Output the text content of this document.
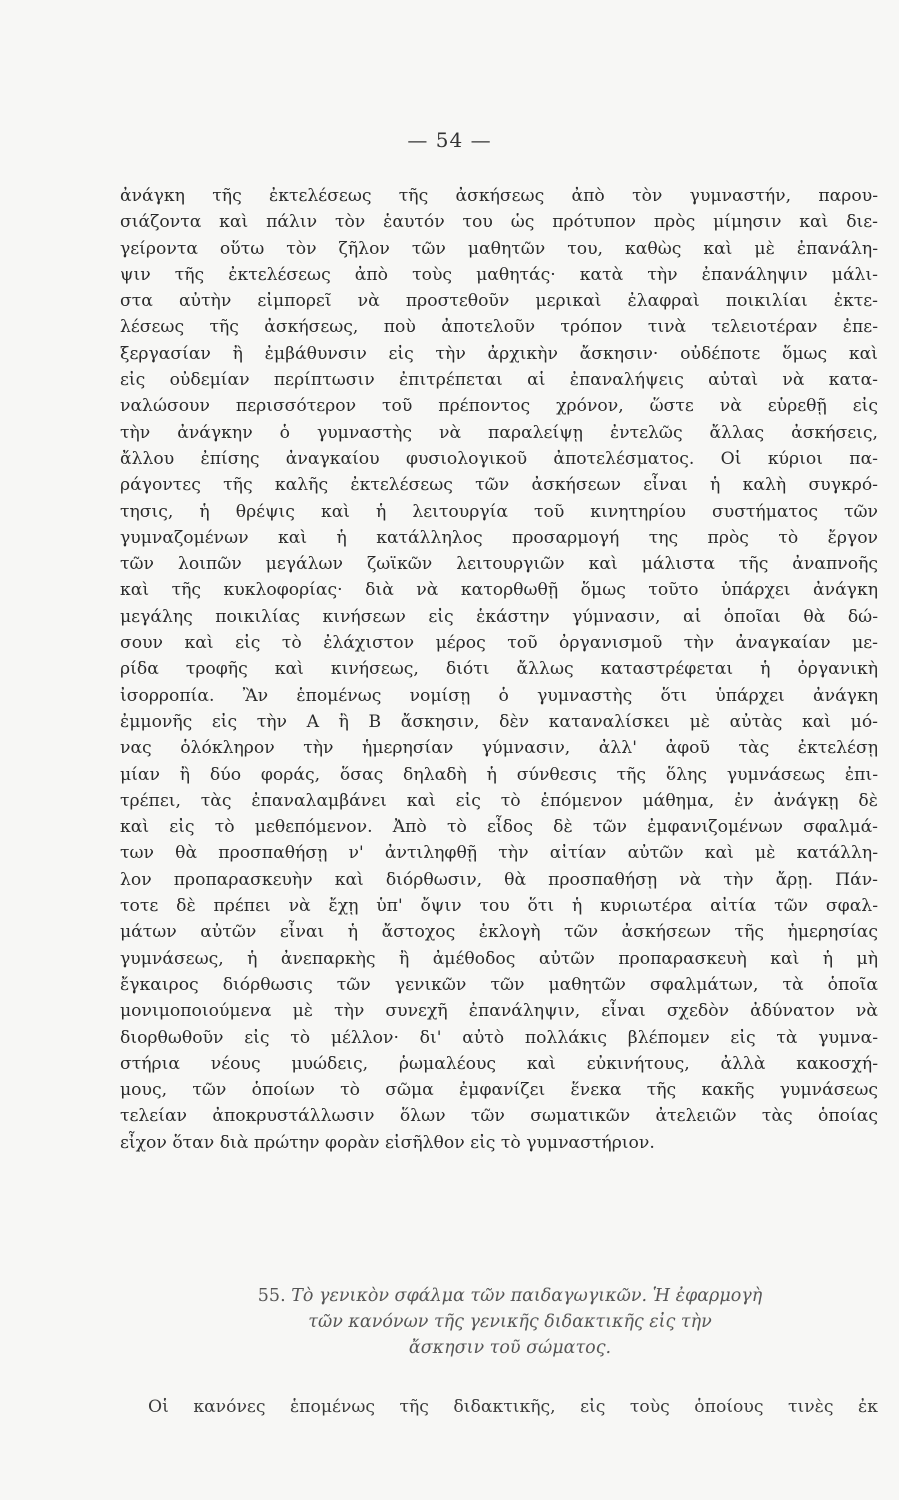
— 54 —
ἀνάγκη τῆς ἐκτελέσεως τῆς ἀσκήσεως ἀπὸ τὸν γυμναστήν, παρου-
σιάζοντα καὶ πάλιν τὸν ἑαυτόν του ὡς πρότυπον πρὸς μίμησιν καὶ διε-
γείροντα οὕτω τὸν ζῆλον τῶν μαθητῶν του, καθὼς καὶ μὲ ἐπανάλη-
ψιν τῆς ἐκτελέσεως ἀπὸ τοὺς μαθητάς· κατὰ τὴν ἐπανάληψιν μάλι-
στα αὐτὴν εἰμπορεῖ νὰ προστεθοῦν μερικαὶ ἐλαφραὶ ποικιλίαι ἐκτε-
λέσεως τῆς ἀσκήσεως, ποὺ ἀποτελοῦν τρόπον τινὰ τελειοτέραν ἐπε-
ξεργασίαν ἢ ἐμβάθυνσιν εἰς τὴν ἀρχικὴν ἄσκησιν· οὐδέποτε ὅμως καὶ
εἰς οὐδεμίαν περίπτωσιν ἐπιτρέπεται αἱ ἐπαναλήψεις αὐταὶ νὰ κατα-
ναλώσουν περισσότερον τοῦ πρέποντος χρόνον, ὥστε νὰ εὑρεθῇ εἰς
τὴν ἀνάγκην ὁ γυμναστὴς νὰ παραλείψῃ ἐντελῶς ἄλλας ἀσκήσεις,
ἄλλου ἐπίσης ἀναγκαίου φυσιολογικοῦ ἀποτελέσματος. Οἱ κύριοι πα-
ράγοντες τῆς καλῆς ἐκτελέσεως τῶν ἀσκήσεων εἶναι ἡ καλὴ συγκρό-
τησις, ἡ θρέψις καὶ ἡ λειτουργία τοῦ κινητηρίου συστήματος τῶν
γυμναζομένων καὶ ἡ κατάλληλος προσαρμογή της πρὸς τὸ ἔργον
τῶν λοιπῶν μεγάλων ζωϊκῶν λειτουργιῶν καὶ μάλιστα τῆς ἀναπνοῆς
καὶ τῆς κυκλοφορίας· διὰ νὰ κατορθωθῇ ὅμως τοῦτο ὑπάρχει ἀνάγκη
μεγάλης ποικιλίας κινήσεων εἰς ἑκάστην γύμνασιν, αἱ ὁποῖαι θὰ δώ-
σουν καὶ εἰς τὸ ἐλάχιστον μέρος τοῦ ὀργανισμοῦ τὴν ἀναγκαίαν με-
ρίδα τροφῆς καὶ κινήσεως, διότι ἄλλως καταστρέφεται ἡ ὀργανικὴ
ἰσορροπία. Ἂν ἑπομένως νομίσῃ ὁ γυμναστὴς ὅτι ὑπάρχει ἀνάγκη
ἐμμονῆς εἰς τὴν Α ἢ Β ἄσκησιν, δὲν καταναλίσκει μὲ αὐτὰς καὶ μό-
νας ὁλόκληρον τὴν ἡμερησίαν γύμνασιν, ἀλλ' ἀφοῦ τὰς ἐκτελέσῃ
μίαν ἢ δύο φοράς, ὅσας δηλαδὴ ἡ σύνθεσις τῆς ὅλης γυμνάσεως ἐπι-
τρέπει, τὰς ἐπαναλαμβάνει καὶ εἰς τὸ ἑπόμενον μάθημα, ἐν ἀνάγκῃ δὲ
καὶ εἰς τὸ μεθεπόμενον. Ἀπὸ τὸ εἶδος δὲ τῶν ἐμφανιζομένων σφαλμά-
των θὰ προσπαθήσῃ ν' ἀντιληφθῇ τὴν αἰτίαν αὐτῶν καὶ μὲ κατάλλη-
λον προπαρασκευὴν καὶ διόρθωσιν, θὰ προσπαθήσῃ νὰ τὴν ἄρῃ. Πάν-
τοτε δὲ πρέπει νὰ ἔχῃ ὑπ' ὄψιν του ὅτι ἡ κυριωτέρα αἰτία τῶν σφαλ-
μάτων αὐτῶν εἶναι ἡ ἄστοχος ἐκλογὴ τῶν ἀσκήσεων τῆς ἡμερησίας
γυμνάσεως, ἡ ἀνεπαρκὴς ἢ ἀμέθοδος αὐτῶν προπαρασκευὴ καὶ ἡ μὴ
ἔγκαιρος διόρθωσις τῶν γενικῶν τῶν μαθητῶν σφαλμάτων, τὰ ὁποῖα
μονιμοποιούμενα μὲ τὴν συνεχῆ ἐπανάληψιν, εἶναι σχεδὸν ἀδύνατον νὰ
διορθωθοῦν εἰς τὸ μέλλον· δι' αὐτὸ πολλάκις βλέπομεν εἰς τὰ γυμνα-
στήρια νέους μυώδεις, ῥωμαλέους καὶ εὐκινήτους, ἀλλὰ κακοσχή-
μους, τῶν ὁποίων τὸ σῶμα ἐμφανίζει ἕνεκα τῆς κακῆς γυμνάσεως
τελείαν ἀποκρυστάλλωσιν ὅλων τῶν σωματικῶν ἀτελειῶν τὰς ὁποίας
εἶχον ὅταν διὰ πρώτην φορὰν εἰσῆλθον εἰς τὸ γυμναστήριον.
55. Τὸ γενικὸν σφάλμα τῶν παιδαγωγικῶν. Ἡ ἐφαρμογὴ
τῶν κανόνων τῆς γενικῆς διδακτικῆς εἰς τὴν
ἄσκησιν τοῦ σώματος.
Οἱ κανόνες ἑπομένως τῆς διδακτικῆς, εἰς τοὺς ὁποίους τινὲς ἐκ
